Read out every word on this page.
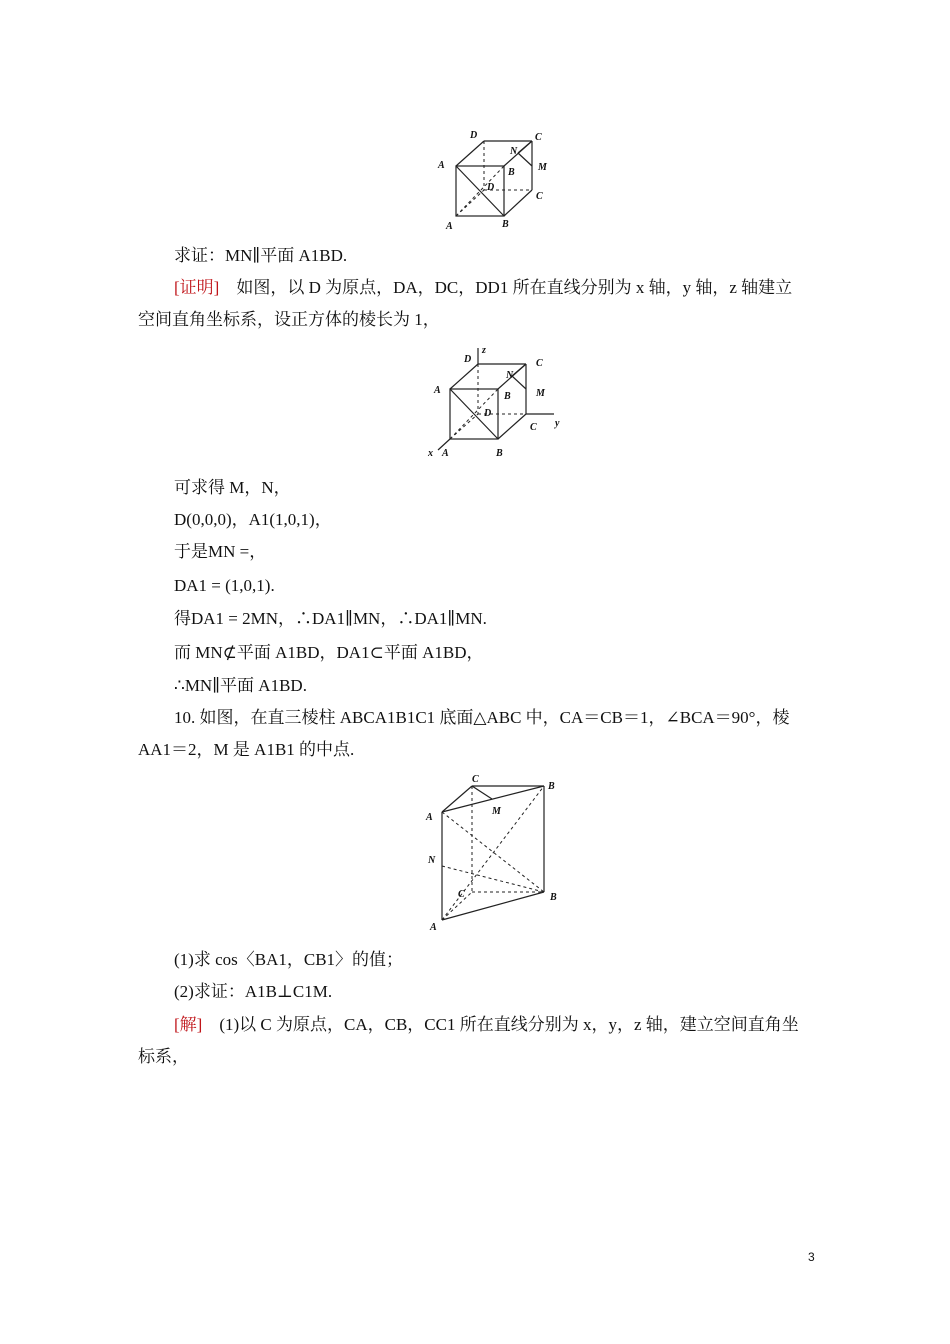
D	C
A
B
N
M
D
C
A	B
求证：MN∥平面 A1BD.
[证明]　如图，以 D 为原点，DA，DC，DD1 所在直线分别为 x 轴，y 轴，z 轴建立
空间直角坐标系，设正方体的棱长为 1，
z
y
x
D	C
A
B
N
M
D
C
A	B
可求得 M，N，
D(0,0,0)，A1(1,0,1)，
于是MN =，
DA1 = (1,0,1).
得DA1 = 2MN，∴DA1∥MN，∴DA1∥MN.
而 MN⊄平面 A1BD，DA1⊂平面 A1BD，
∴MN∥平面 A1BD.
10. 如图，在直三棱柱 ABCA1B1C1 底面△ABC 中，CA＝CB＝1，∠BCA＝90°，棱
AA1＝2，M 是 A1B1 的中点.
C
B
A
M
N
C	B
A
(1)求 cos〈BA1，CB1〉的值；
(2)求证：A1B⊥C1M.
[解]　(1)以 C 为原点，CA，CB，CC1 所在直线分别为 x，y，z 轴，建立空间直角坐
标系，
3
